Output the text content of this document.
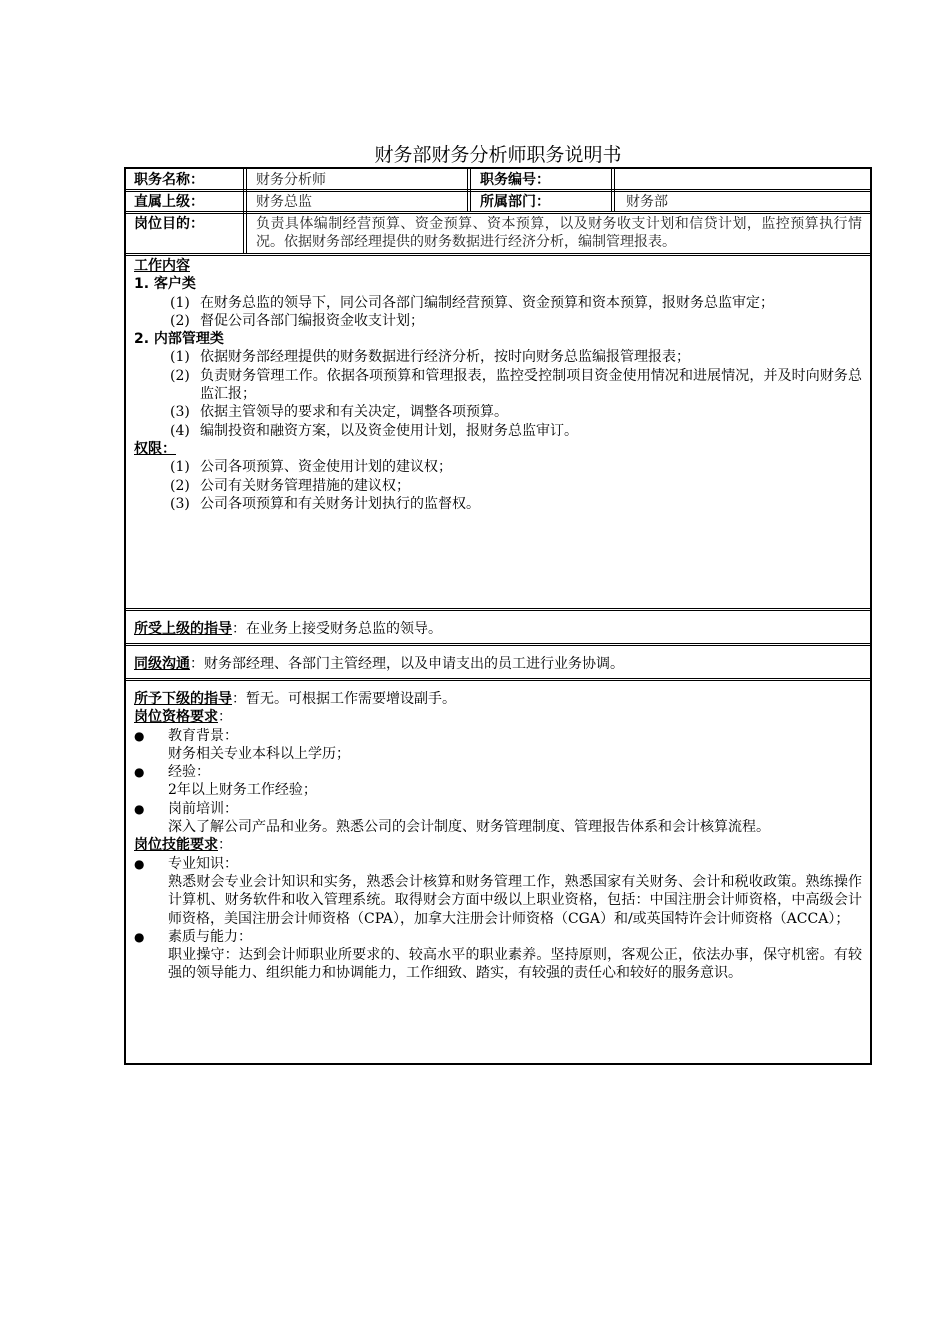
财务部财务分析师职务说明书
职务名称：	财务分析师	职务编号：
直属上级：	财务总监	所属部门：	财务部
岗位目的：	负责具体编制经营预算、资金预算、资本预算，以及财务收支计划和信贷计划，监控预算执行情况。依据财务部经理提供的财务数据进行经济分析，编制管理报表。
工作内容
1. 客户类
(1) 在财务总监的领导下，同公司各部门编制经营预算、资金预算和资本预算，报财务总监审定；
(2) 督促公司各部门编报资金收支计划；
2. 内部管理类
(1) 依据财务部经理提供的财务数据进行经济分析，按时向财务总监编报管理报表；
(2) 负责财务管理工作。依据各项预算和管理报表，监控受控制项目资金使用情况和进展情况，并及时向财务总监汇报；
(3) 依据主管领导的要求和有关决定，调整各项预算。
(4) 编制投资和融资方案，以及资金使用计划，报财务总监审订。
权限：
(1) 公司各项预算、资金使用计划的建议权；
(2) 公司有关财务管理措施的建议权；
(3) 公司各项预算和有关财务计划执行的监督权。
所受上级的指导：在业务上接受财务总监的领导。
同级沟通：财务部经理、各部门主管经理，以及申请支出的员工进行业务协调。
所予下级的指导：暂无。可根据工作需要增设副手。
岗位资格要求：
●	教育背景：
财务相关专业本科以上学历；
●	经验：
2年以上财务工作经验；
●	岗前培训：
深入了解公司产品和业务。熟悉公司的会计制度、财务管理制度、管理报告体系和会计核算流程。
岗位技能要求：
●	专业知识：
熟悉财会专业会计知识和实务，熟悉会计核算和财务管理工作，熟悉国家有关财务、会计和税收政策。熟练操作计算机、财务软件和收入管理系统。取得财会方面中级以上职业资格，包括：中国注册会计师资格，中高级会计师资格，美国注册会计师资格（CPA），加拿大注册会计师资格（CGA）和/或英国特许会计师资格（ACCA）；
●	素质与能力：
职业操守：达到会计师职业所要求的、较高水平的职业素养。坚持原则，客观公正，依法办事，保守机密。有较强的领导能力、组织能力和协调能力，工作细致、踏实，有较强的责任心和较好的服务意识。
